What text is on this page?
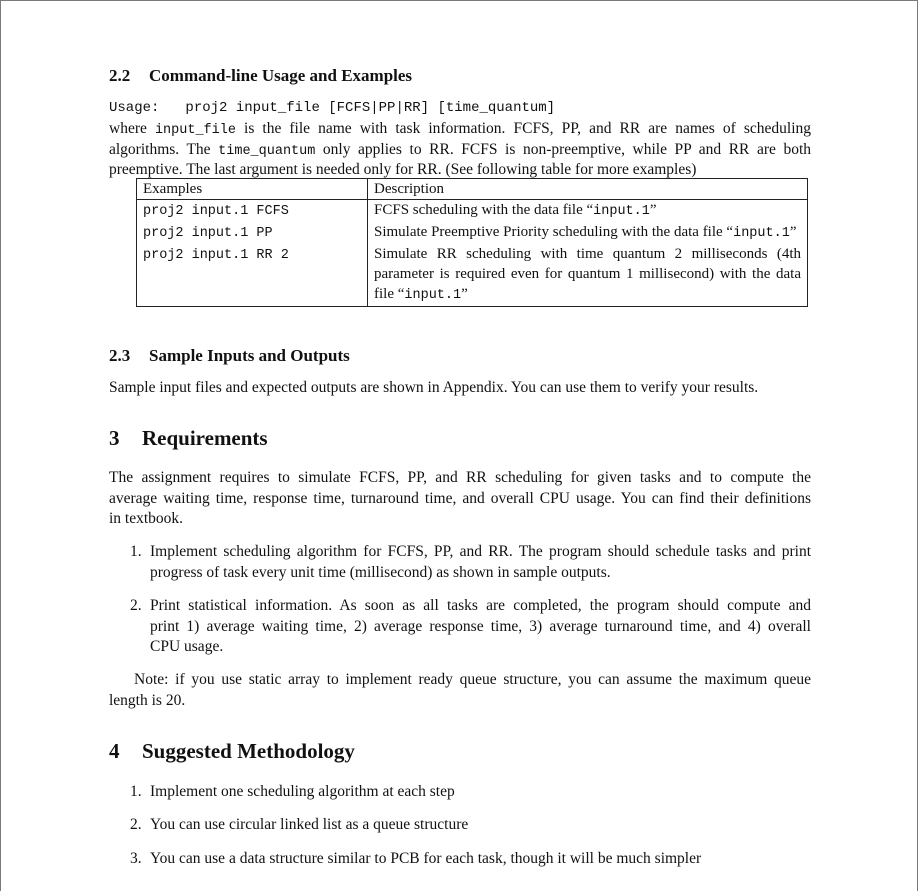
2.2 Command-line Usage and Examples
Usage: proj2 input_file [FCFS|PP|RR] [time_quantum]
where input_file is the file name with task information. FCFS, PP, and RR are names of scheduling
algorithms. The time_quantum only applies to RR. FCFS is non-preemptive, while PP and RR are both
preemptive. The last argument is needed only for RR. (See following table for more examples)
Examples	Description
proj2 input.1 FCFS	FCFS scheduling with the data file “input.1”
proj2 input.1 PP	Simulate Preemptive Priority scheduling with the data file “input.1”
proj2 input.1 RR 2	Simulate RR scheduling with time quantum 2 milliseconds (4th parameter is required even for quantum 1 millisecond) with the data file “input.1”
2.3 Sample Inputs and Outputs
Sample input files and expected outputs are shown in Appendix. You can use them to verify your results.
3 Requirements
The assignment requires to simulate FCFS, PP, and RR scheduling for given tasks and to compute the
average waiting time, response time, turnaround time, and overall CPU usage. You can find their definitions
in textbook.
1. Implement scheduling algorithm for FCFS, PP, and RR. The program should schedule tasks and print
progress of task every unit time (millisecond) as shown in sample outputs.
2. Print statistical information. As soon as all tasks are completed, the program should compute and
print 1) average waiting time, 2) average response time, 3) average turnaround time, and 4) overall
CPU usage.
Note: if you use static array to implement ready queue structure, you can assume the maximum queue
length is 20.
4 Suggested Methodology
1. Implement one scheduling algorithm at each step
2. You can use circular linked list as a queue structure
3. You can use a data structure similar to PCB for each task, though it will be much simpler
